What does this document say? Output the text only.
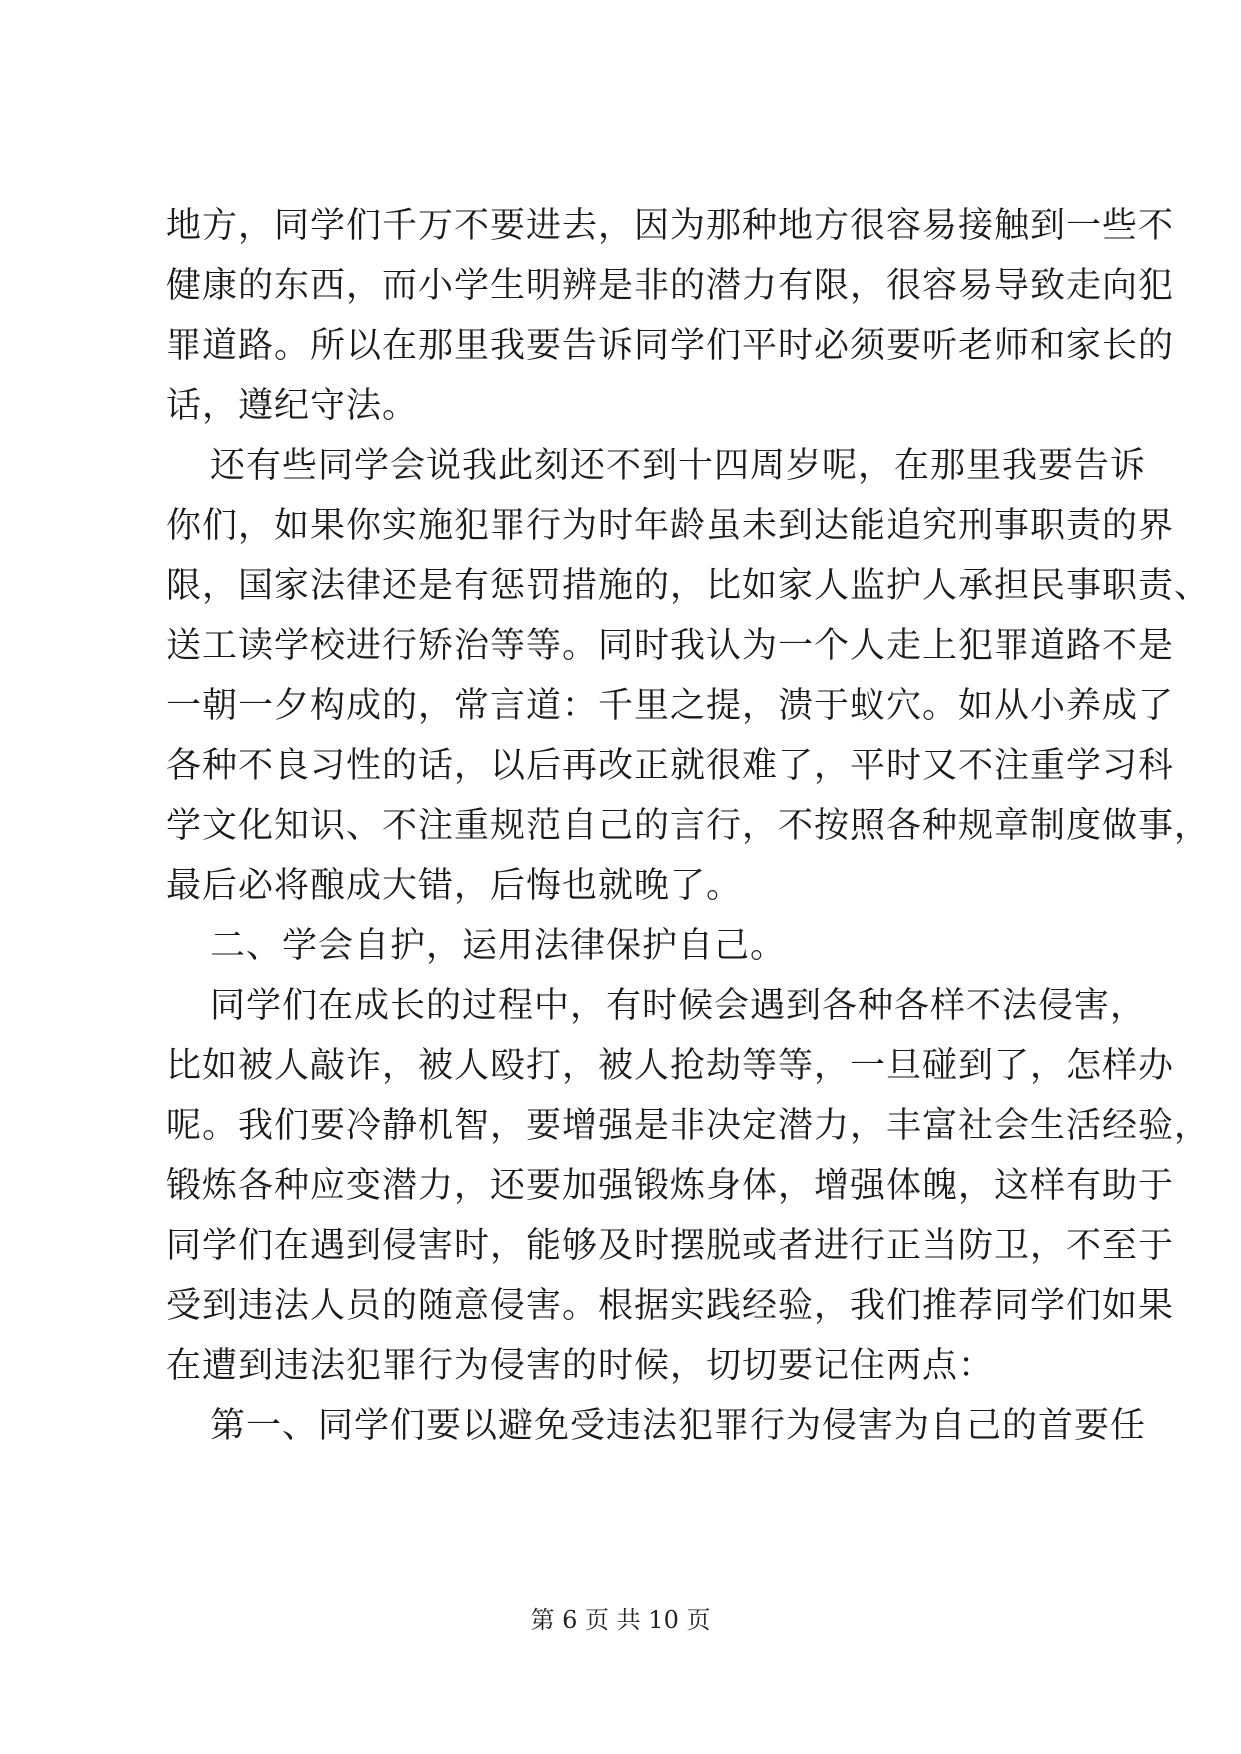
地方，同学们千万不要进去，因为那种地方很容易接触到一些不
健康的东西，而小学生明辨是非的潜力有限，很容易导致走向犯
罪道路。所以在那里我要告诉同学们平时必须要听老师和家长的
话，遵纪守法。
还有些同学会说我此刻还不到十四周岁呢，在那里我要告诉
你们，如果你实施犯罪行为时年龄虽未到达能追究刑事职责的界
限，国家法律还是有惩罚措施的，比如家人监护人承担民事职责、
送工读学校进行矫治等等。同时我认为一个人走上犯罪道路不是
一朝一夕构成的，常言道：千里之提，溃于蚁穴。如从小养成了
各种不良习性的话，以后再改正就很难了，平时又不注重学习科
学文化知识、不注重规范自己的言行，不按照各种规章制度做事，
最后必将酿成大错，后悔也就晚了。
二、学会自护，运用法律保护自己。
同学们在成长的过程中，有时候会遇到各种各样不法侵害，
比如被人敲诈，被人殴打，被人抢劫等等，一旦碰到了，怎样办
呢。我们要冷静机智，要增强是非决定潜力，丰富社会生活经验，
锻炼各种应变潜力，还要加强锻炼身体，增强体魄，这样有助于
同学们在遇到侵害时，能够及时摆脱或者进行正当防卫，不至于
受到违法人员的随意侵害。根据实践经验，我们推荐同学们如果
在遭到违法犯罪行为侵害的时候，切切要记住两点：
第一、同学们要以避免受违法犯罪行为侵害为自己的首要任
第 6 页 共 10 页
